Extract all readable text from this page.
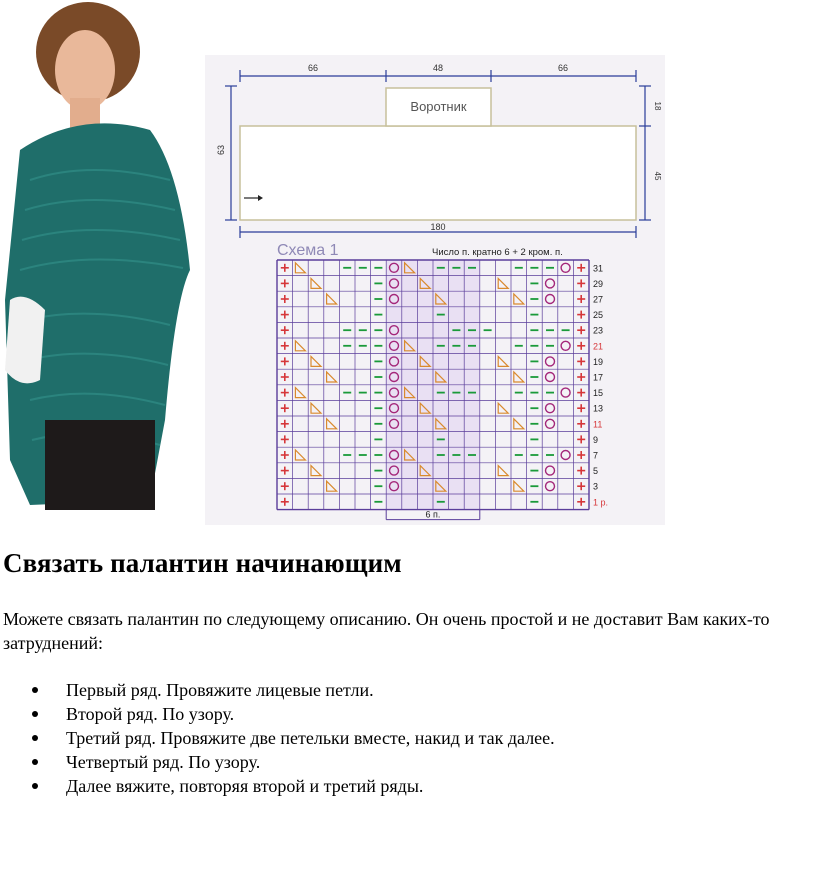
66	48	66
Воротник
63
18
45
180
Схема 1	Число п. кратно 6 + 2 кром. п.
31
29
27
25
23
21
19
17
15
13
11
9
7
5
3
1 р.
6 п.
Связать палантин начинающим

Можете связать палантин по следующему описанию. Он очень простой и не доставит Вам каких-то затруднений:

Первый ряд. Провяжите лицевые петли.
Второй ряд. По узору.
Третий ряд. Провяжите две петельки вместе, накид и так далее.
Четвертый ряд. По узору.
Далее вяжите, повторяя второй и третий ряды.
